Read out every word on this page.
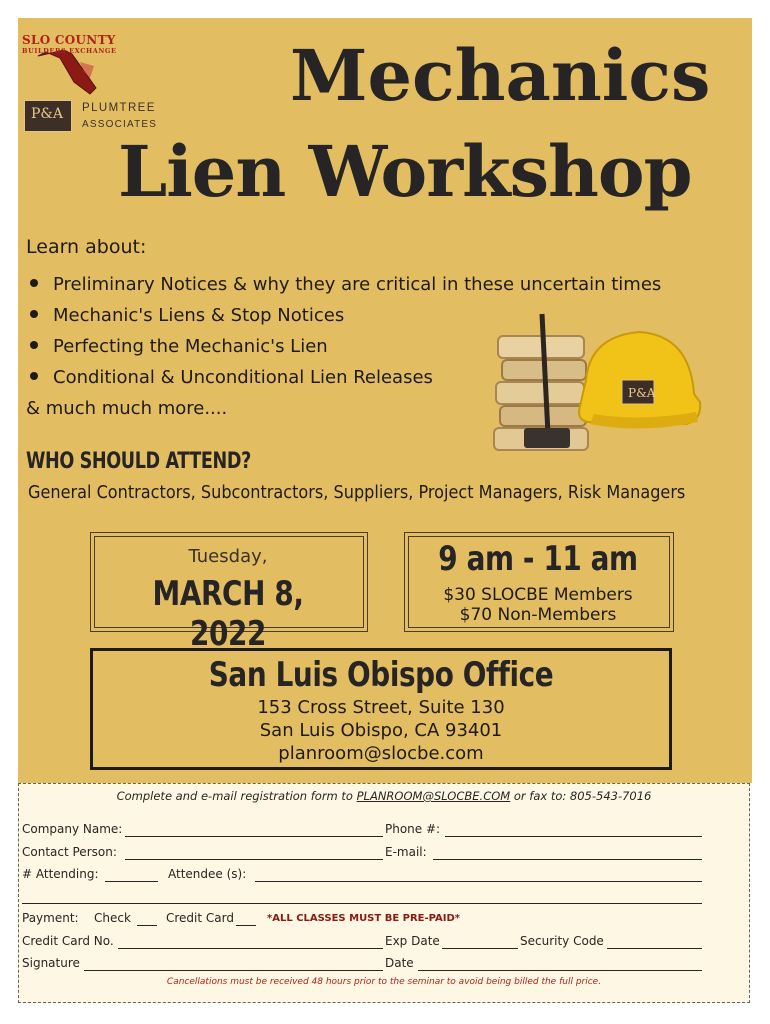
SLO COUNTY
BUILDERS EXCHANGE
P&A PLUMTREE
ASSOCIATES
Mechanics
Lien Workshop
Learn about:
Preliminary Notices & why they are critical in these uncertain times
Mechanic's Liens & Stop Notices
Perfecting the Mechanic's Lien
Conditional & Unconditional Lien Releases
& much much more....
P&A
WHO SHOULD ATTEND?
General Contractors, Subcontractors, Suppliers, Project Managers, Risk Managers
Tuesday,
MARCH 8, 2022
9 am - 11 am
$30 SLOCBE Members
$70 Non-Members
San Luis Obispo Office
153 Cross Street, Suite 130
San Luis Obispo, CA 93401
planroom@slocbe.com
Complete and e-mail registration form to PLANROOM@SLOCBE.COM or fax to: 805-543-7016
Company Name:	Phone #:
Contact Person:	E-mail:
# Attending:	Attendee (s):
Payment: Check	Credit Card	*ALL CLASSES MUST BE PRE-PAID*
Credit Card No.	Exp Date	Security Code
Signature	Date
Cancellations must be received 48 hours prior to the seminar to avoid being billed the full price.
